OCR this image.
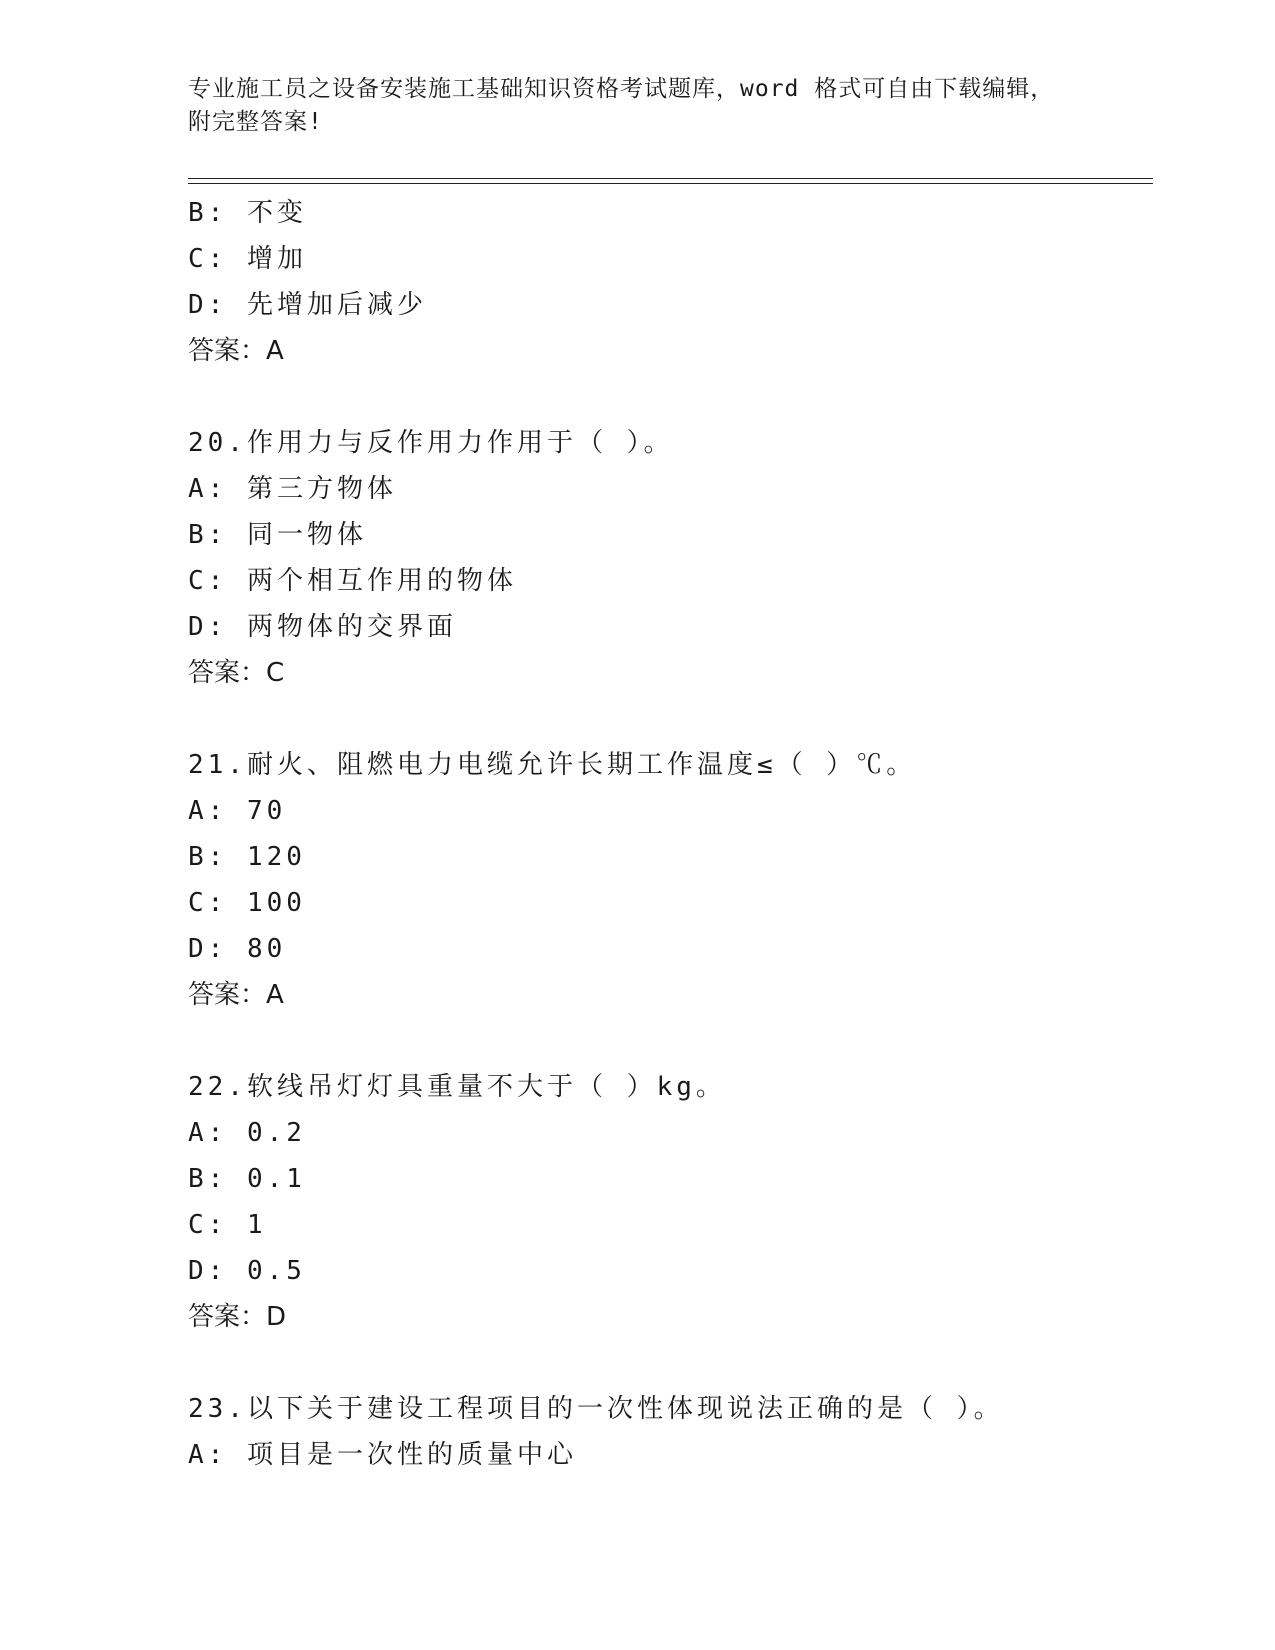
专业施工员之设备安装施工基础知识资格考试题库，word 格式可自由下载编辑，
附完整答案!
B: 不变
C: 增加
D: 先增加后减少
答案：A
20.作用力与反作用力作用于（ ）。
A: 第三方物体
B: 同一物体
C: 两个相互作用的物体
D: 两物体的交界面
答案：C
21.耐火、阻燃电力电缆允许长期工作温度≤（ ）℃。
A: 70
B: 120
C: 100
D: 80
答案：A
22.软线吊灯灯具重量不大于（ ）kg。
A: 0.2
B: 0.1
C: 1
D: 0.5
答案：D
23.以下关于建设工程项目的一次性体现说法正确的是（ ）。
A: 项目是一次性的质量中心
